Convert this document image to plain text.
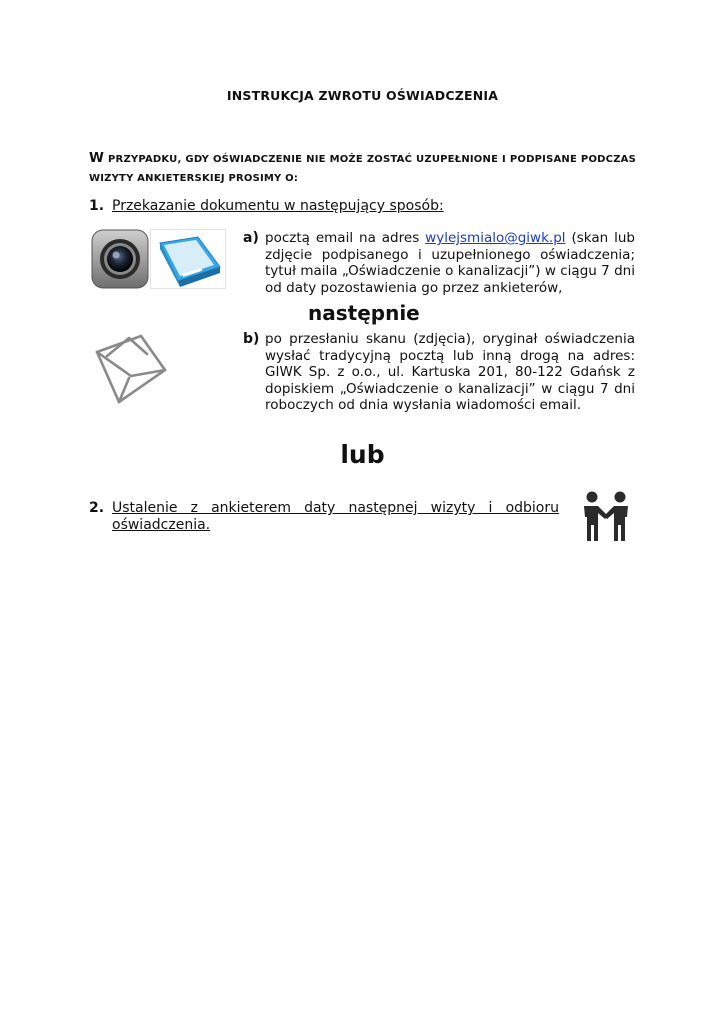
INSTRUKCJA ZWROTU OŚWIADCZENIA
W PRZYPADKU, GDY OŚWIADCZENIE NIE MOŻE ZOSTAĆ UZUPEŁNIONE I PODPISANE PODCZAS WIZYTY ANKIETERSKIEJ PROSIMY O:
1. Przekazanie dokumentu w następujący sposób:
a) pocztą email na adres wylejsmialo@giwk.pl (skan lub zdjęcie podpisanego i uzupełnionego oświadczenia; tytuł maila „Oświadczenie o kanalizacji”) w ciągu 7 dni od daty pozostawienia go przez ankieterów,
następnie
b) po przesłaniu skanu (zdjęcia), oryginał oświadczenia wysłać tradycyjną pocztą lub inną drogą na adres: GIWK Sp. z o.o., ul. Kartuska 201, 80-122 Gdańsk z dopiskiem „Oświadczenie o kanalizacji” w ciągu 7 dni roboczych od dnia wysłania wiadomości email.
lub
2. Ustalenie z ankieterem daty następnej wizyty i odbioru oświadczenia.
